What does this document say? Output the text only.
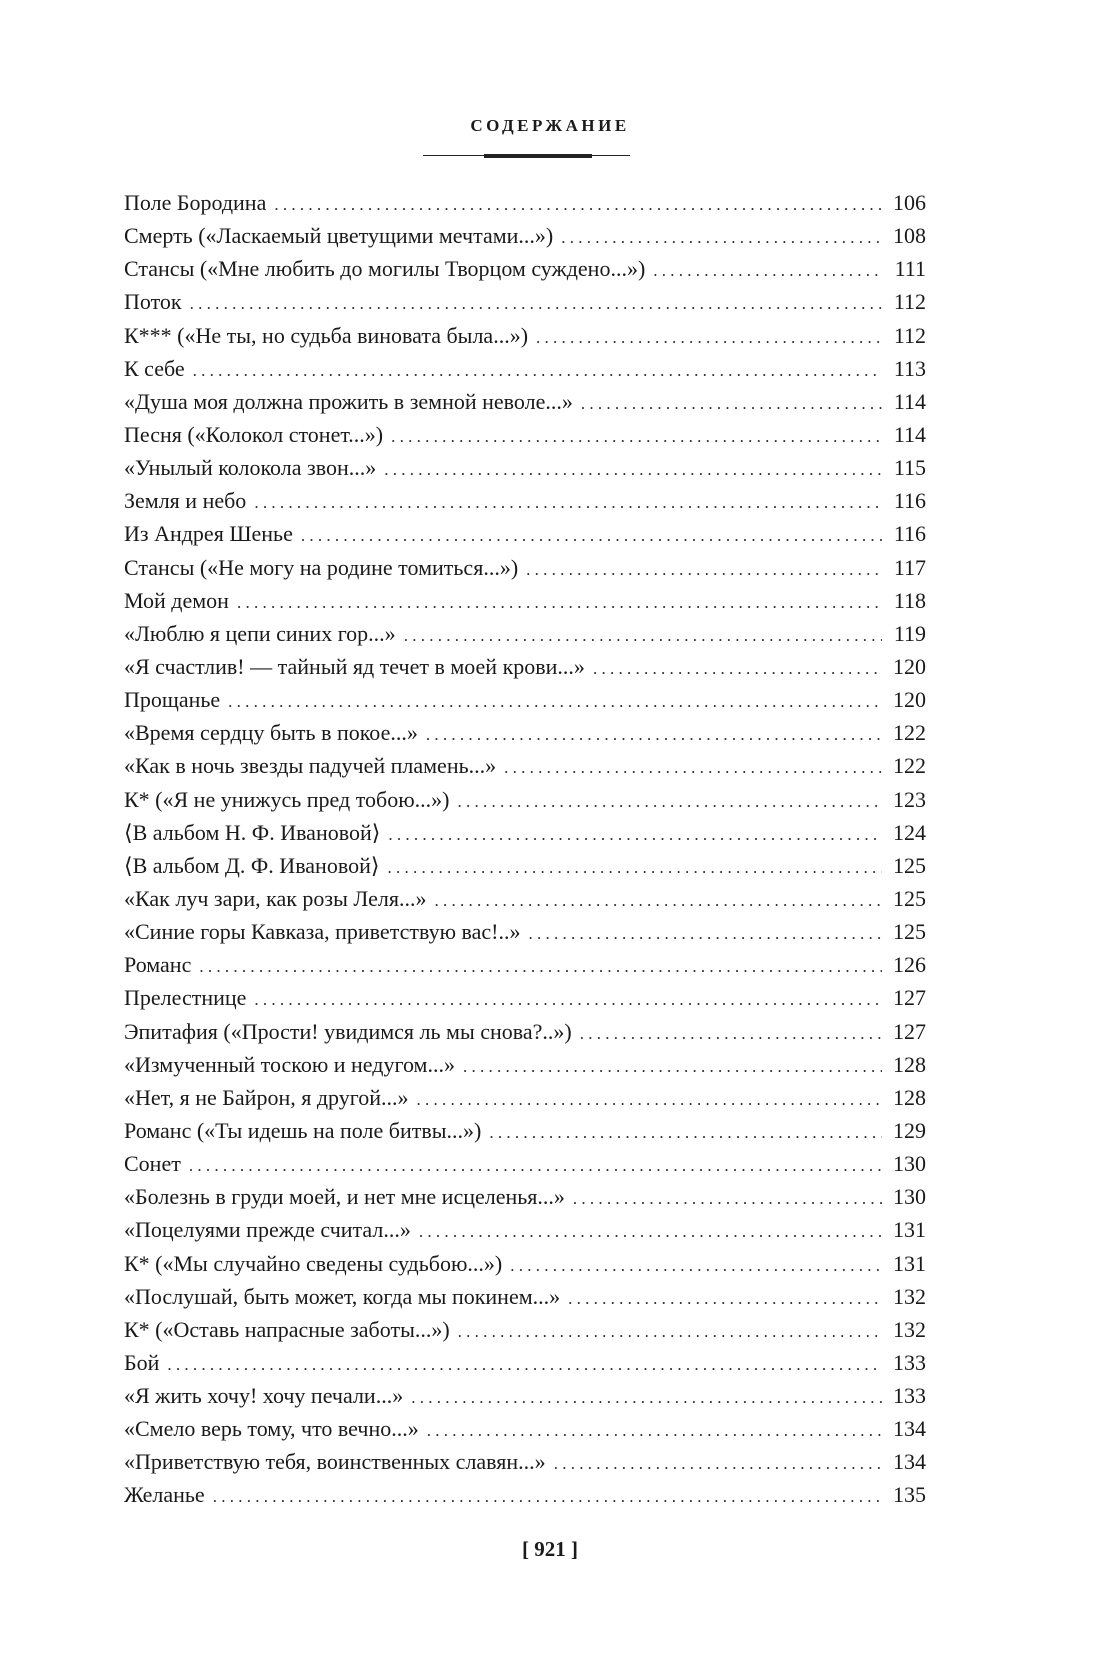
СОДЕРЖАНИЕ
Поле Бородина . . .	106
Смерть («Ласкаемый цветущими мечтами...») . . .	108
Стансы («Мне любить до могилы Творцом суждено...») . . .	111
Поток . . .	112
К*** («Не ты, но судьба виновата была...») . . .	112
К себе . . .	113
«Душа моя должна прожить в земной неволе...» . . .	114
Песня («Колокол стонет...») . . .	114
«Унылый колокола звон...» . . .	115
Земля и небо . . .	116
Из Андрея Шенье . . .	116
Стансы («Не могу на родине томиться...») . . .	117
Мой демон . . .	118
«Люблю я цепи синих гор...» . . .	119
«Я счастлив! — тайный яд течет в моей крови...» . . .	120
Прощанье . . .	120
«Время сердцу быть в покое...» . . .	122
«Как в ночь звезды падучей пламень...» . . .	122
К* («Я не унижусь пред тобою...») . . .	123
⟨В альбом Н. Ф. Ивановой⟩ . . .	124
⟨В альбом Д. Ф. Ивановой⟩ . . .	125
«Как луч зари, как розы Леля...» . . .	125
«Синие горы Кавказа, приветствую вас!..» . . .	125
Романс . . .	126
Прелестнице . . .	127
Эпитафия («Прости! увидимся ль мы снова?..») . . .	127
«Измученный тоскою и недугом...» . . .	128
«Нет, я не Байрон, я другой...» . . .	128
Романс («Ты идешь на поле битвы...») . . .	129
Сонет . . .	130
«Болезнь в груди моей, и нет мне исцеленья...» . . .	130
«Поцелуями прежде считал...» . . .	131
К* («Мы случайно сведены судьбою...») . . .	131
«Послушай, быть может, когда мы покинем...» . . .	132
К* («Оставь напрасные заботы...») . . .	132
Бой . . .	133
«Я жить хочу! хочу печали...» . . .	133
«Смело верь тому, что вечно...» . . .	134
«Приветствую тебя, воинственных славян...» . . .	134
Желанье . . .	135
[ 921 ]
